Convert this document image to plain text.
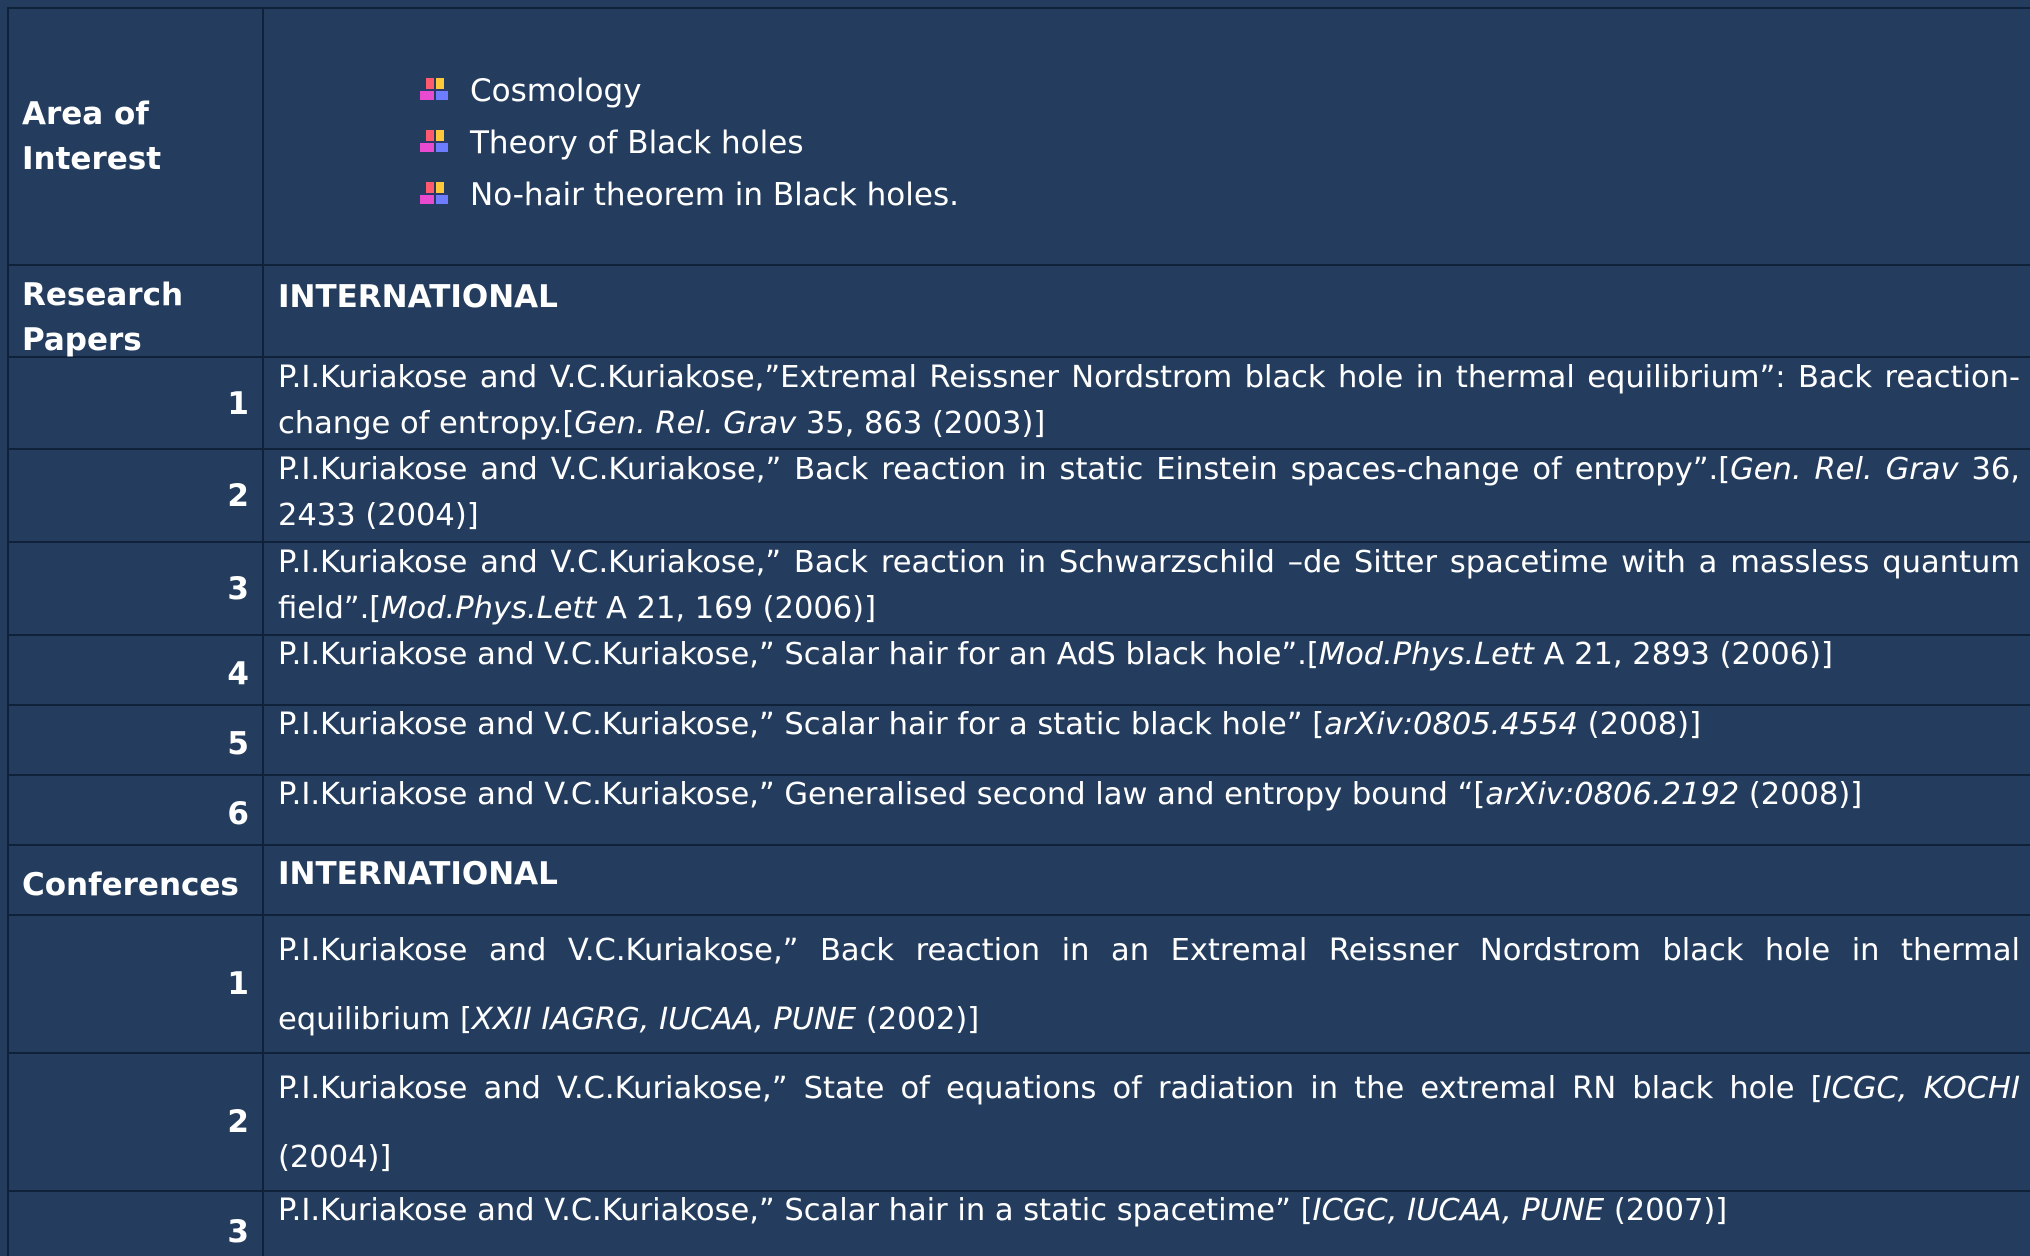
Area of
Interest
Cosmology
Theory of Black holes
No-hair theorem in Black holes.
Research
Papers
INTERNATIONAL
1
P.I.Kuriakose and V.C.Kuriakose,”Extremal Reissner Nordstrom black hole in thermal equilibrium”: Back reaction-change of entropy.[Gen. Rel. Grav 35, 863 (2003)]
2
P.I.Kuriakose and V.C.Kuriakose,” Back reaction in static Einstein spaces-change of entropy”.[Gen. Rel. Grav 36, 2433 (2004)]
3
P.I.Kuriakose and V.C.Kuriakose,” Back reaction in Schwarzschild –de Sitter spacetime with a massless quantum field”.[Mod.Phys.Lett A 21, 169 (2006)]
4
P.I.Kuriakose and V.C.Kuriakose,” Scalar hair for an AdS black hole”.[Mod.Phys.Lett A 21, 2893 (2006)]
5
P.I.Kuriakose and V.C.Kuriakose,” Scalar hair for a static black hole” [arXiv:0805.4554 (2008)]
6
P.I.Kuriakose and V.C.Kuriakose,” Generalised second law and entropy bound “[arXiv:0806.2192 (2008)]
Conferences	INTERNATIONAL
1
P.I.Kuriakose and V.C.Kuriakose,” Back reaction in an Extremal Reissner Nordstrom black hole in thermal equilibrium [XXII IAGRG, IUCAA, PUNE (2002)]
2
P.I.Kuriakose and V.C.Kuriakose,” State of equations of radiation in the extremal RN black hole [ICGC, KOCHI (2004)]
3
P.I.Kuriakose and V.C.Kuriakose,” Scalar hair in a static spacetime” [ICGC, IUCAA, PUNE (2007)]
